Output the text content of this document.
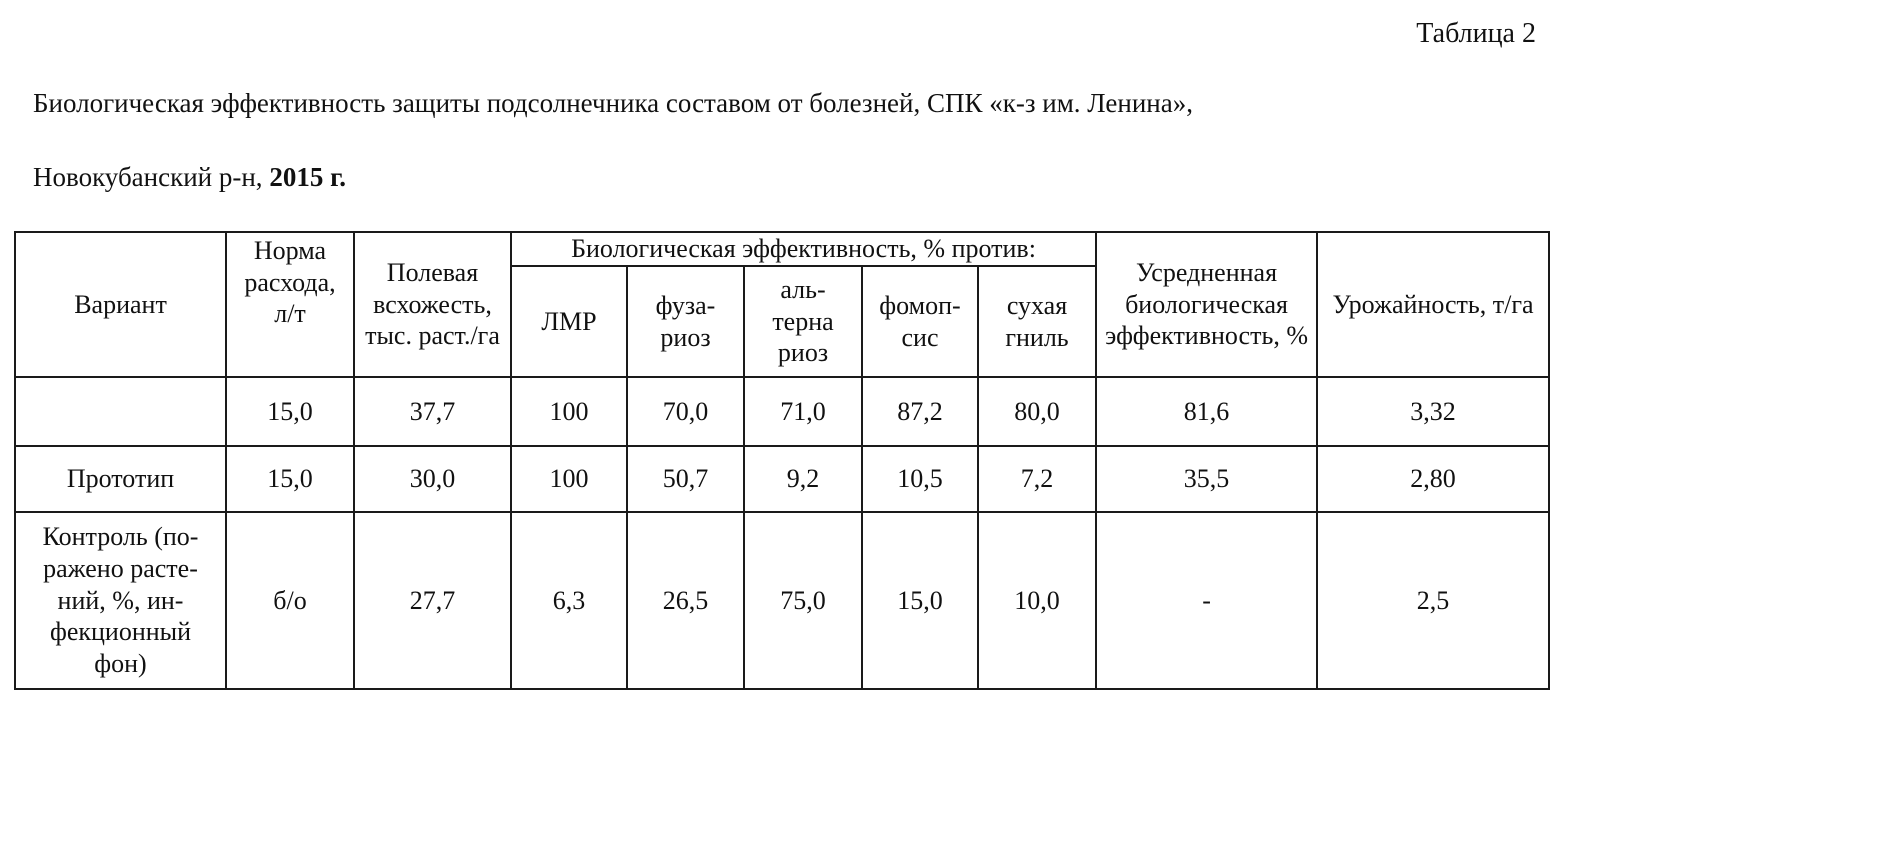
Таблица 2
Биологическая эффективность защиты подсолнечника составом от болезней, СПК «к-з им. Ленина»,
Новокубанский р-н, 2015 г.
Вариант	Норма расхода, л/т	Полевая всхожесть, тыс. раст./га	Биологическая эффективность, % против:					Усредненная биологическая эффективность, %	Урожайность, т/га
			ЛМР	фуза-риоз	аль-терна риоз	фомоп-сис	сухая гниль		
	15,0	37,7	100	70,0	71,0	87,2	80,0	81,6	3,32
Прототип	15,0	30,0	100	50,7	9,2	10,5	7,2	35,5	2,80
Контроль (по-ражено расте-ний, %, ин-фекционный фон)	б/о	27,7	6,3	26,5	75,0	15,0	10,0	-	2,5
